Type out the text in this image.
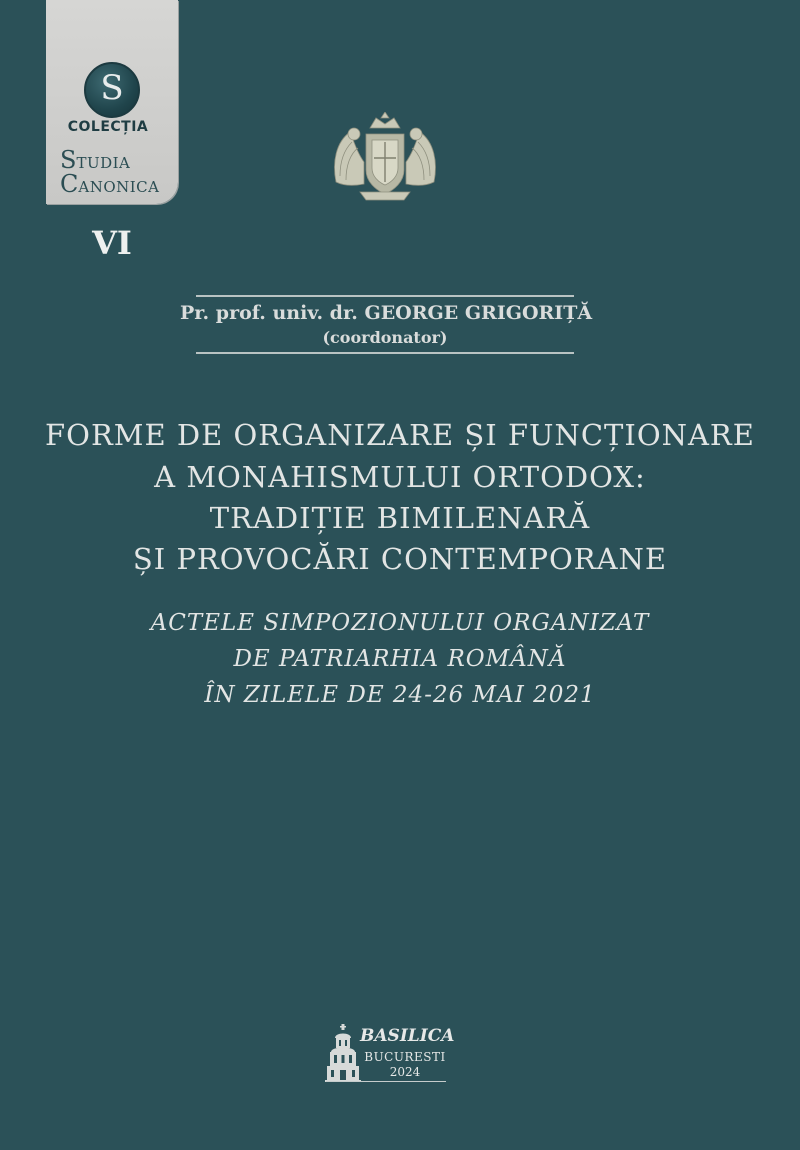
S
COLECȚIA
STUDIA
CANONICA
VI
Pr. prof. univ. dr. GEORGE GRIGORIȚĂ
(coordonator)
FORME DE ORGANIZARE ȘI FUNCȚIONARE
A MONAHISMULUI ORTODOX:
TRADIȚIE BIMILENARĂ
ȘI PROVOCĂRI CONTEMPORANE
ACTELE SIMPOZIONULUI ORGANIZAT
DE PATRIARHIA ROMÂNĂ
ÎN ZILELE DE 24-26 MAI 2021
BASILICA
BUCURESTI
2024
